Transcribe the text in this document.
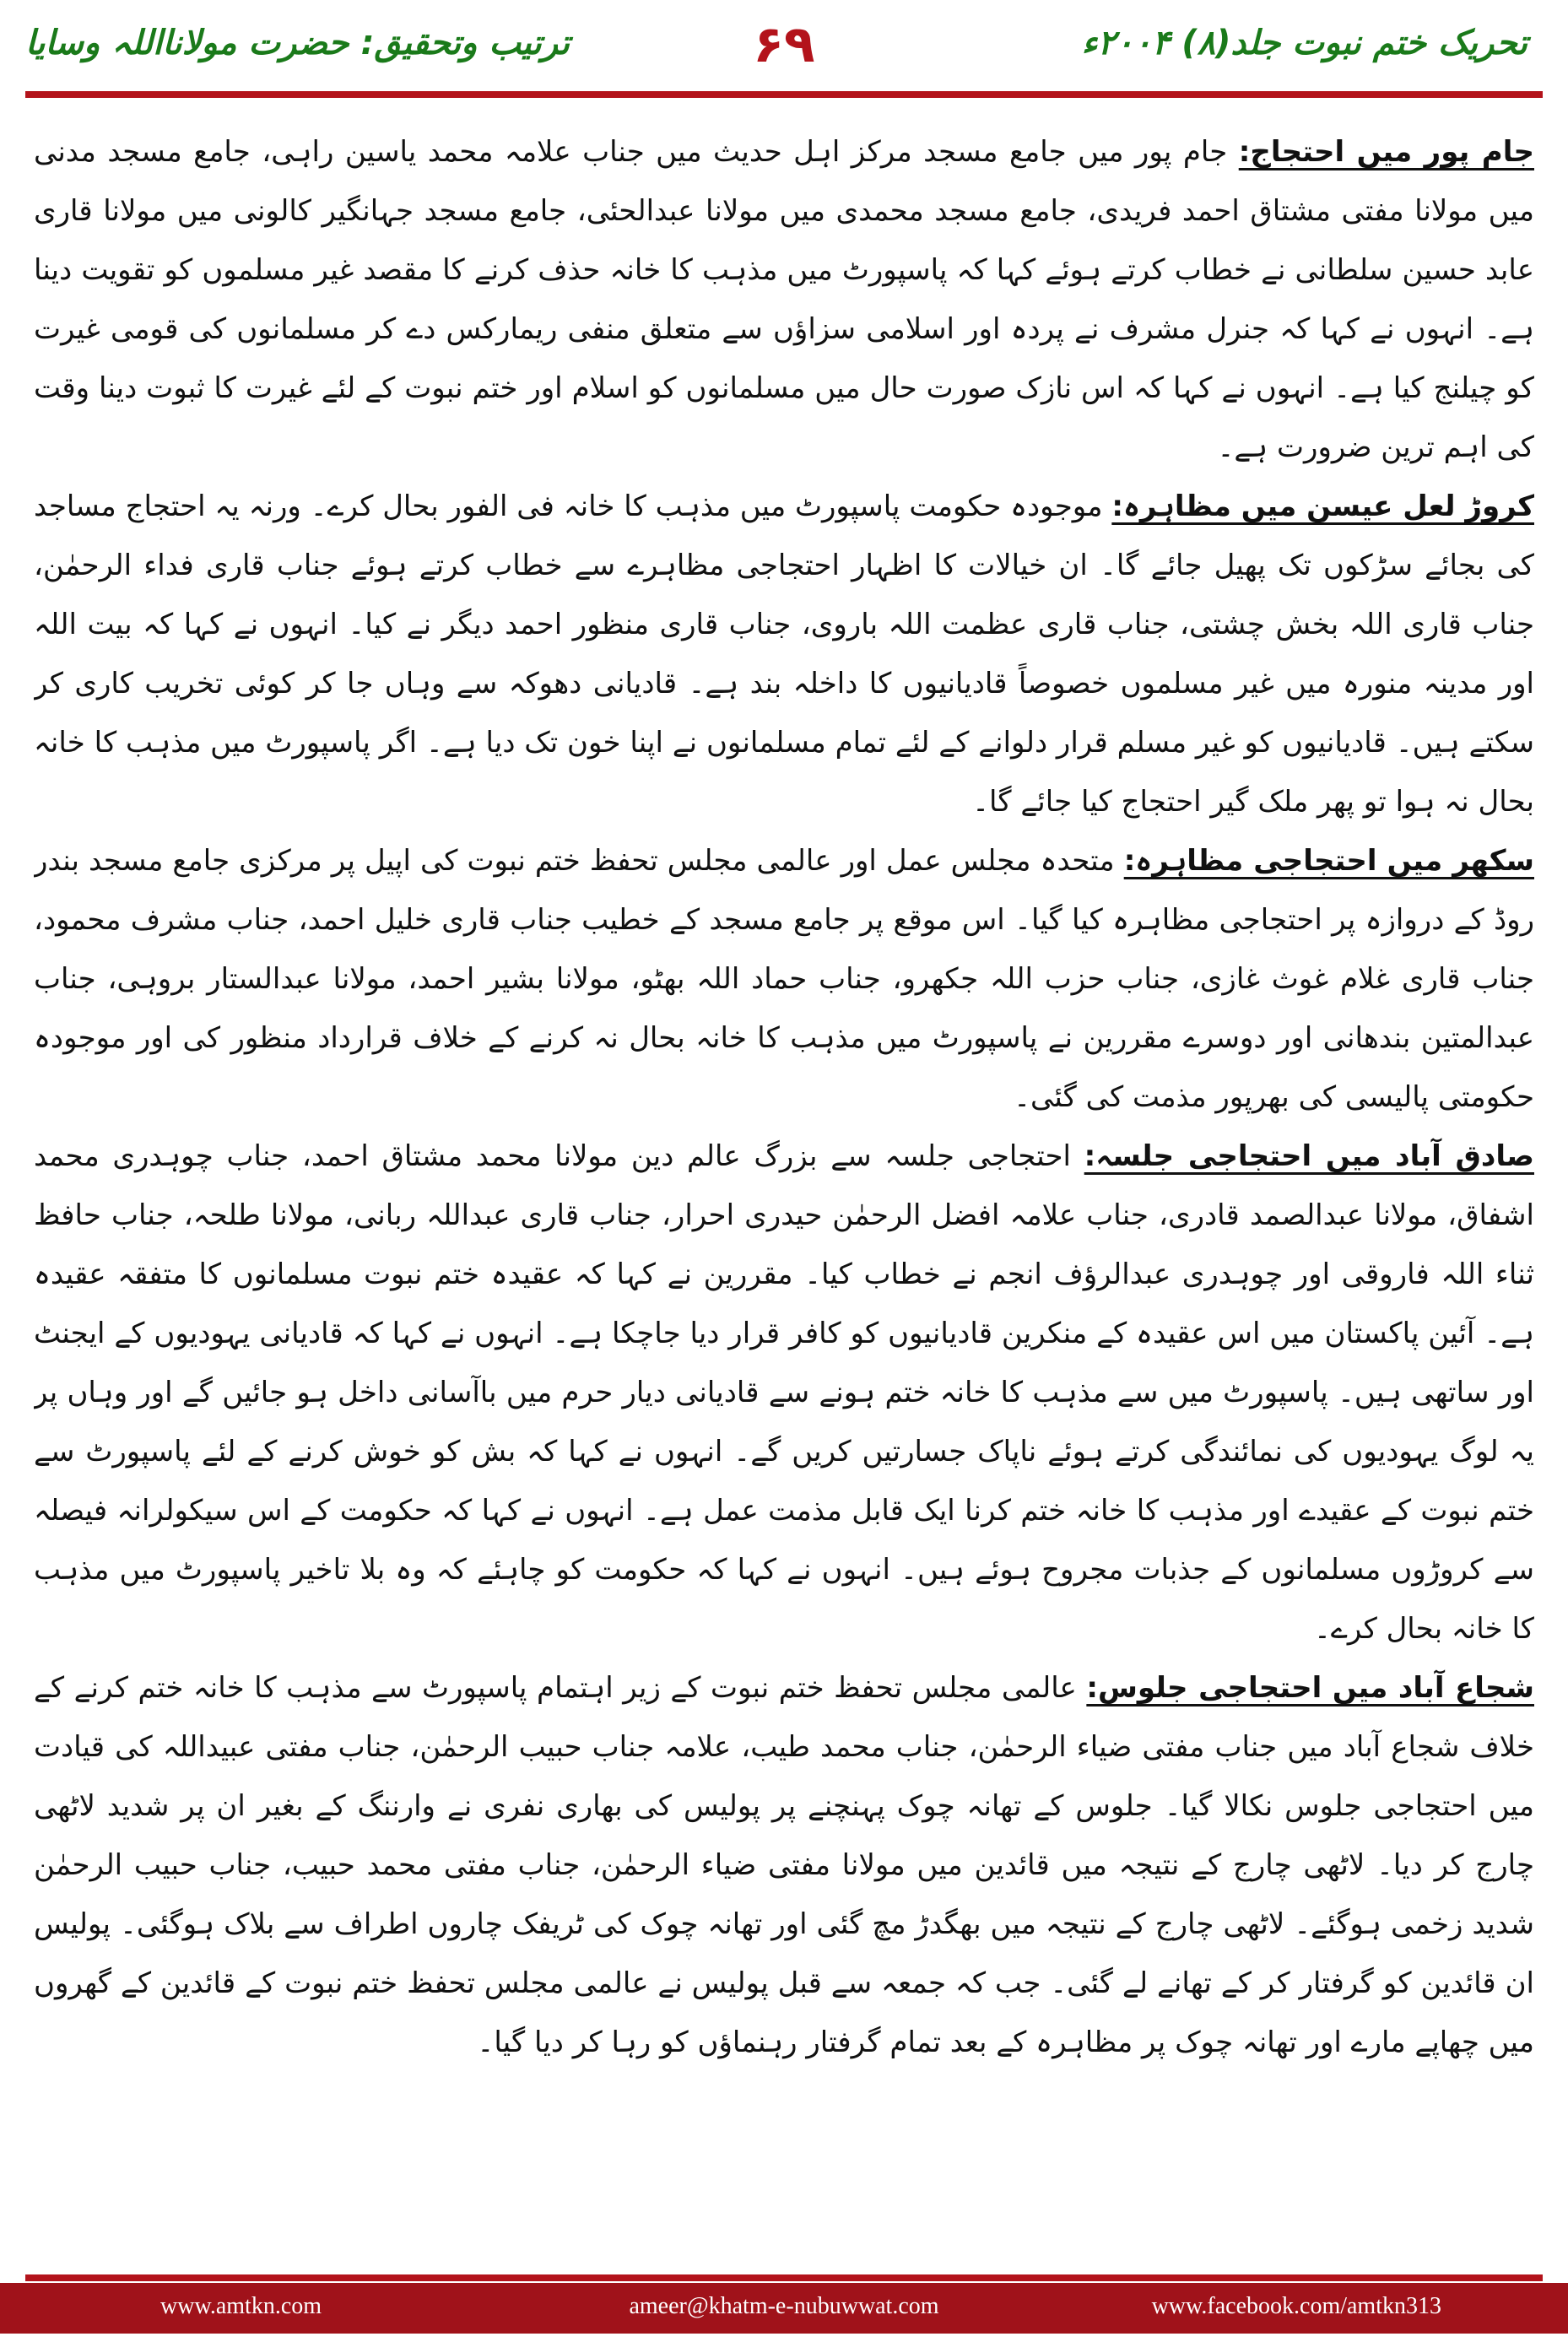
تحریک ختم نبوت جلد(۸) ۲۰۰۴ء
۶۹
ترتیب وتحقیق: حضرت مولانااللہ وسایا

جام پور میں احتجاج: جام پور میں جامع مسجد مرکز اہل حدیث میں جناب علامہ محمد یاسین راہی، جامع مسجد مدنی میں مولانا مفتی مشتاق احمد فریدی، جامع مسجد محمدی میں مولانا عبدالحئی، جامع مسجد جہانگیر کالونی میں مولانا قاری عابد حسین سلطانی نے خطاب کرتے ہوئے کہا کہ پاسپورٹ میں مذہب کا خانہ حذف کرنے کا مقصد غیر مسلموں کو تقویت دینا ہے۔ انہوں نے کہا کہ جنرل مشرف نے پردہ اور اسلامی سزاؤں سے متعلق منفی ریمارکس دے کر مسلمانوں کی قومی غیرت کو چیلنج کیا ہے۔ انہوں نے کہا کہ اس نازک صورت حال میں مسلمانوں کو اسلام اور ختم نبوت کے لئے غیرت کا ثبوت دینا وقت کی اہم ترین ضرورت ہے۔

کروڑ لعل عیسن میں مظاہرہ: موجودہ حکومت پاسپورٹ میں مذہب کا خانہ فی الفور بحال کرے۔ ورنہ یہ احتجاج مساجد کی بجائے سڑکوں تک پھیل جائے گا۔ ان خیالات کا اظہار احتجاجی مظاہرے سے خطاب کرتے ہوئے جناب قاری فداء الرحمٰن، جناب قاری اللہ بخش چشتی، جناب قاری عظمت اللہ باروی، جناب قاری منظور احمد دیگر نے کیا۔ انہوں نے کہا کہ بیت اللہ اور مدینہ منورہ میں غیر مسلموں خصوصاً قادیانیوں کا داخلہ بند ہے۔ قادیانی دھوکہ سے وہاں جا کر کوئی تخریب کاری کر سکتے ہیں۔ قادیانیوں کو غیر مسلم قرار دلوانے کے لئے تمام مسلمانوں نے اپنا خون تک دیا ہے۔ اگر پاسپورٹ میں مذہب کا خانہ بحال نہ ہوا تو پھر ملک گیر احتجاج کیا جائے گا۔

سکھر میں احتجاجی مظاہرہ: متحدہ مجلس عمل اور عالمی مجلس تحفظ ختم نبوت کی اپیل پر مرکزی جامع مسجد بندر روڈ کے دروازہ پر احتجاجی مظاہرہ کیا گیا۔ اس موقع پر جامع مسجد کے خطیب جناب قاری خلیل احمد، جناب مشرف محمود، جناب قاری غلام غوث غازی، جناب حزب اللہ جکھرو، جناب حماد اللہ بھٹو، مولانا بشیر احمد، مولانا عبدالستار بروہی، جناب عبدالمتین بندھانی اور دوسرے مقررین نے پاسپورٹ میں مذہب کا خانہ بحال نہ کرنے کے خلاف قرارداد منظور کی اور موجودہ حکومتی پالیسی کی بھرپور مذمت کی گئی۔

صادق آباد میں احتجاجی جلسہ: احتجاجی جلسہ سے بزرگ عالم دین مولانا محمد مشتاق احمد، جناب چوہدری محمد اشفاق، مولانا عبدالصمد قادری، جناب علامہ افضل الرحمٰن حیدری احرار، جناب قاری عبداللہ ربانی، مولانا طلحہ، جناب حافظ ثناء اللہ فاروقی اور چوہدری عبدالرؤف انجم نے خطاب کیا۔ مقررین نے کہا کہ عقیدہ ختم نبوت مسلمانوں کا متفقہ عقیدہ ہے۔ آئین پاکستان میں اس عقیدہ کے منکرین قادیانیوں کو کافر قرار دیا جاچکا ہے۔ انہوں نے کہا کہ قادیانی یہودیوں کے ایجنٹ اور ساتھی ہیں۔ پاسپورٹ میں سے مذہب کا خانہ ختم ہونے سے قادیانی دیار حرم میں باآسانی داخل ہو جائیں گے اور وہاں پر یہ لوگ یہودیوں کی نمائندگی کرتے ہوئے ناپاک جسارتیں کریں گے۔ انہوں نے کہا کہ بش کو خوش کرنے کے لئے پاسپورٹ سے ختم نبوت کے عقیدے اور مذہب کا خانہ ختم کرنا ایک قابل مذمت عمل ہے۔ انہوں نے کہا کہ حکومت کے اس سیکولرانہ فیصلہ سے کروڑوں مسلمانوں کے جذبات مجروح ہوئے ہیں۔ انہوں نے کہا کہ حکومت کو چاہئے کہ وہ بلا تاخیر پاسپورٹ میں مذہب کا خانہ بحال کرے۔

شجاع آباد میں احتجاجی جلوس: عالمی مجلس تحفظ ختم نبوت کے زیر اہتمام پاسپورٹ سے مذہب کا خانہ ختم کرنے کے خلاف شجاع آباد میں جناب مفتی ضیاء الرحمٰن، جناب محمد طیب، علامہ جناب حبیب الرحمٰن، جناب مفتی عبیداللہ کی قیادت میں احتجاجی جلوس نکالا گیا۔ جلوس کے تھانہ چوک پہنچنے پر پولیس کی بھاری نفری نے وارننگ کے بغیر ان پر شدید لاٹھی چارج کر دیا۔ لاٹھی چارج کے نتیجہ میں قائدین میں مولانا مفتی ضیاء الرحمٰن، جناب مفتی محمد حبیب، جناب حبیب الرحمٰن شدید زخمی ہوگئے۔ لاٹھی چارج کے نتیجہ میں بھگدڑ مچ گئی اور تھانہ چوک کی ٹریفک چاروں اطراف سے بلاک ہوگئی۔ پولیس ان قائدین کو گرفتار کر کے تھانے لے گئی۔ جب کہ جمعہ سے قبل پولیس نے عالمی مجلس تحفظ ختم نبوت کے قائدین کے گھروں میں چھاپے مارے اور تھانہ چوک پر مظاہرہ کے بعد تمام گرفتار رہنماؤں کو رہا کر دیا گیا۔

www.amtkn.com	ameer@khatm-e-nubuwwat.com	www.facebook.com/amtkn313
